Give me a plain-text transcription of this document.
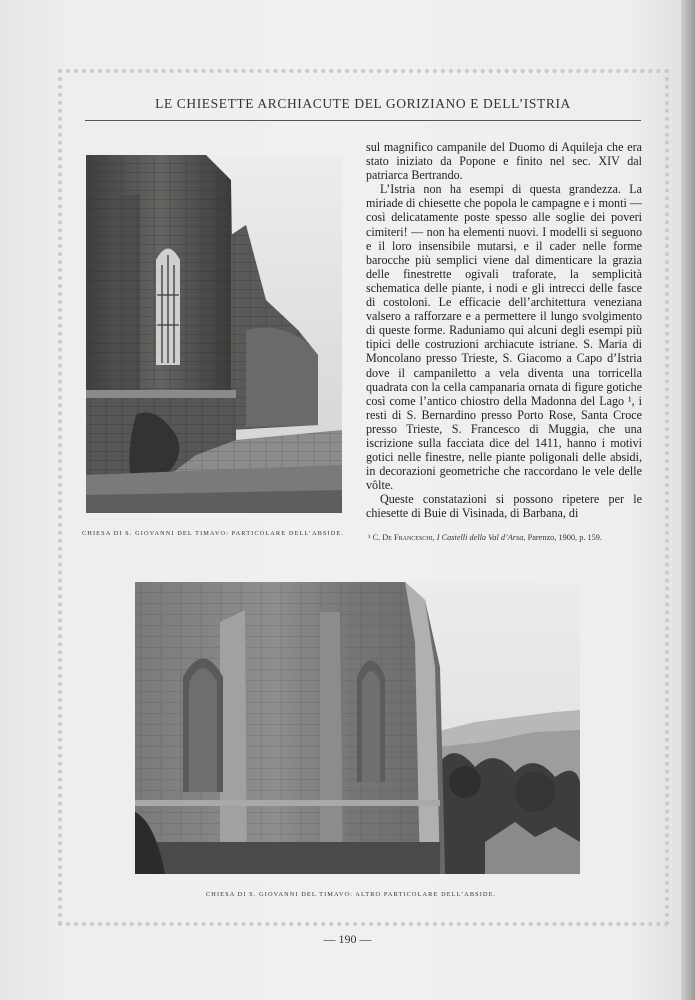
LE CHIESETTE ARCHIACUTE DEL GORIZIANO E DELL’ISTRIA
CHIESA DI S. GIOVANNI DEL TIMAVO: PARTICOLARE DELL’ABSIDE.

sul magnifico campanile del Duomo di Aquileja che era stato iniziato da Popone e finito nel sec. XIV dal patriarca Bertrando.

L’Istria non ha esempi di questa grandezza. La miriade di chiesette che popola le campagne e i monti — così delicatamente poste spesso alle soglie dei poveri cimiteri! — non ha elementi nuovi. I modelli si seguono e il loro insensibile mutarsi, e il cader nelle forme barocche più semplici viene dal dimenticare la grazia delle finestrette ogivali traforate, la semplicità schematica delle piante, i nodi e gli intrecci delle fasce di costoloni. Le efficacie dell’architettura veneziana valsero a rafforzare e a permettere il lungo svolgimento di queste forme. Raduniamo qui alcuni degli esempi più tipici delle costruzioni archiacute istriane. S. Maria di Moncolano presso Trieste, S. Giacomo a Capo d’Istria dove il campaniletto a vela diventa una torricella quadrata con la cella campanaria ornata di figure gotiche così come l’antico chiostro della Madonna del Lago ¹, i resti di S. Bernardino presso Porto Rose, Santa Croce presso Trieste, S. Francesco di Muggia, che una iscrizione sulla facciata dice del 1411, hanno i motivi gotici nelle finestre, nelle piante poligonali delle absidi, in decorazioni geometriche che raccordano le vele delle vôlte.

Queste constatazioni si possono ripetere per le chiesette di Buie di Visinada, di Barbana, di

¹ C. De Franceschi, I Castelli della Val d’Arsa, Parenzo, 1900, p. 159.
CHIESA DI S. GIOVANNI DEL TIMAVO: ALTRO PARTICOLARE DELL’ABSIDE.
— 190 —
